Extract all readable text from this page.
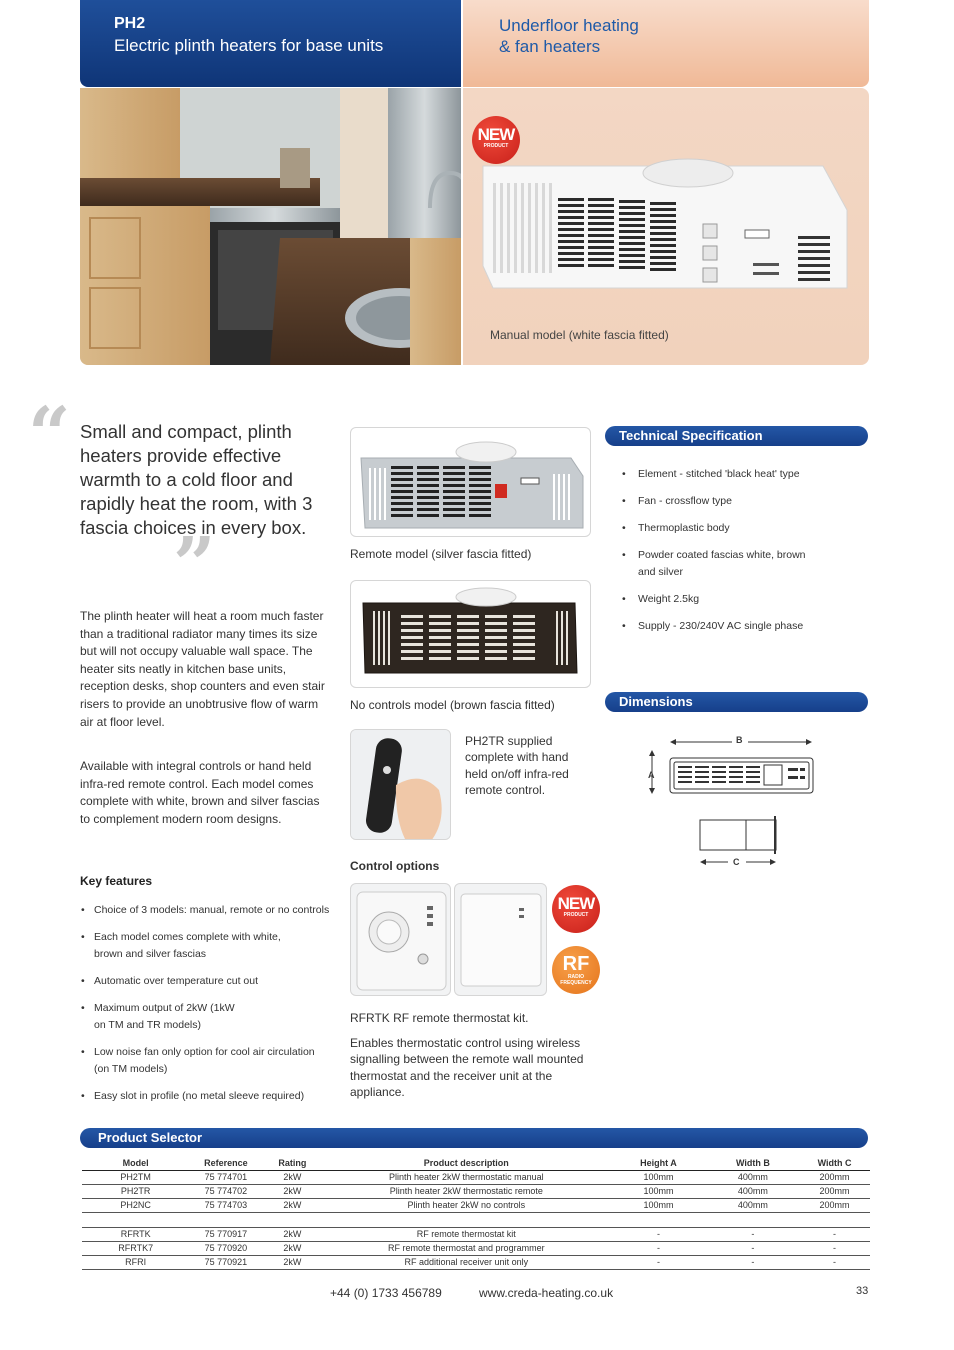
PH2
Electric plinth heaters for base units
Underfloor heating
& fan heaters
NEW
PRODUCT
Manual model (white fascia fitted)
“ Small and compact, plinth heaters provide effective warmth to a cold floor and rapidly heat the room, with 3 fascia choices in every box.
”
The plinth heater will heat a room much faster than a traditional radiator many times its size but will not occupy valuable wall space. The heater sits neatly in kitchen base units, reception desks, shop counters and even stair risers to provide an unobtrusive flow of warm air at floor level.
Available with integral controls or hand held infra-red remote control. Each model comes complete with white, brown and silver fascias to complement modern room designs.
Key features
• Choice of 3 models: manual, remote or no controls
• Each model comes complete with white, brown and silver fascias
• Automatic over temperature cut out
• Maximum output of 2kW (1kW on TM and TR models)
• Low noise fan only option for cool air circulation (on TM models)
• Easy slot in profile (no metal sleeve required)
Remote model (silver fascia fitted)
No controls model (brown fascia fitted)
PH2TR supplied complete with hand held on/off infra-red remote control.
Control options
NEW
PRODUCT
RF
RADIO
FREQUENCY
RFRTK RF remote thermostat kit.
Enables thermostatic control using wireless signalling between the remote wall mounted thermostat and the receiver unit at the appliance.
Technical Specification
• Element - stitched 'black heat' type
• Fan - crossflow type
• Thermoplastic body
• Powder coated fascias white, brown and silver
• Weight 2.5kg
• Supply - 230/240V AC single phase
Dimensions
B
A
C
Product Selector
Model	Reference	Rating	Product description	Height A	Width B	Width C
PH2TM	75 774701	2kW	Plinth heater 2kW thermostatic manual	100mm	400mm	200mm
PH2TR	75 774702	2kW	Plinth heater 2kW thermostatic remote	100mm	400mm	200mm
PH2NC	75 774703	2kW	Plinth heater 2kW no controls	100mm	400mm	200mm

RFRTK	75 770917	2kW	RF remote thermostat kit	-	-	-
RFRTK7	75 770920	2kW	RF remote thermostat and programmer	-	-	-
RFRI	75 770921	2kW	RF additional receiver unit only	-	-	-
+44 (0) 1733 456789	www.creda-heating.co.uk	33
